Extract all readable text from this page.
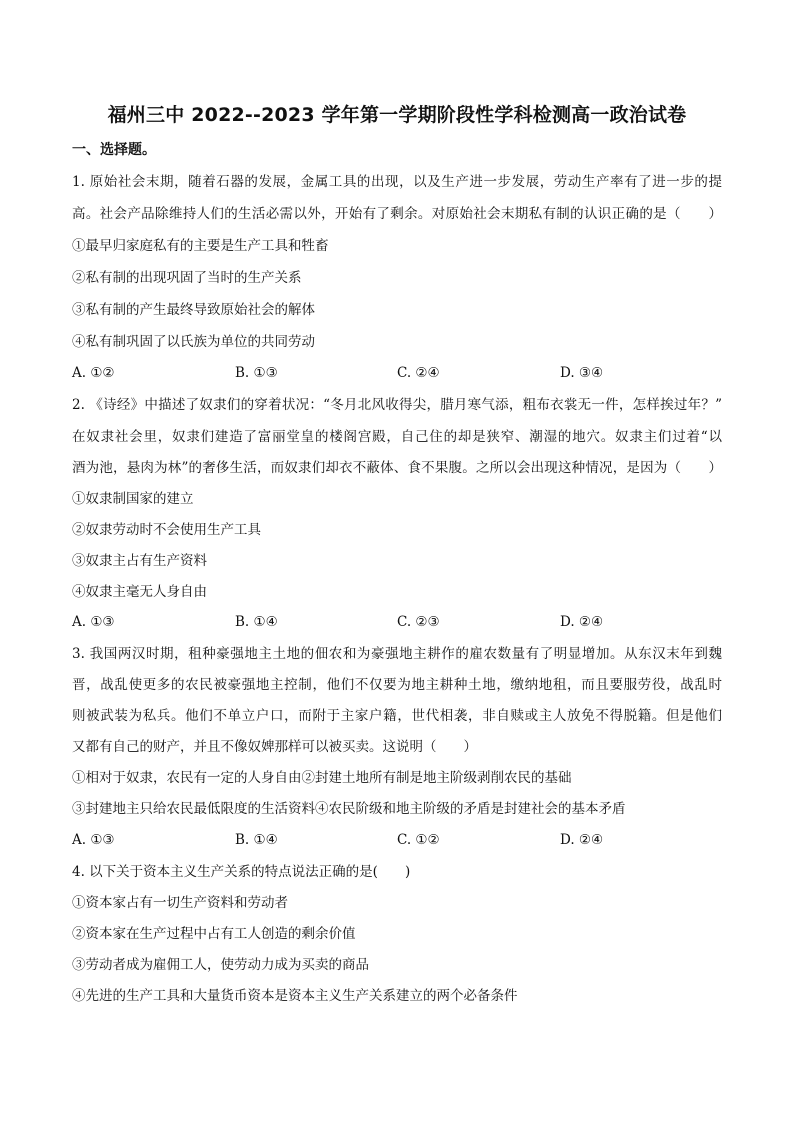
福州三中 2022--2023 学年第一学期阶段性学科检测高一政治试卷
一、选择题。
1. 原始社会末期，随着石器的发展，金属工具的出现，以及生产进一步发展，劳动生产率有了进一步的提
高。社会产品除维持人们的生活必需以外，开始有了剩余。对原始社会末期私有制的认识正确的是（　　）
①最早归家庭私有的主要是生产工具和牲畜
②私有制的出现巩固了当时的生产关系
③私有制的产生最终导致原始社会的解体
④私有制巩固了以氏族为单位的共同劳动
A. ①②	B. ①③	C. ②④	D. ③④
2. 《诗经》中描述了奴隶们的穿着状况：“冬月北风收得尖，腊月寒气添，粗布衣裳无一件，怎样挨过年？”
在奴隶社会里，奴隶们建造了富丽堂皇的楼阁宫殿，自己住的却是狭窄、潮湿的地穴。奴隶主们过着“以
酒为池，悬肉为林”的奢侈生活，而奴隶们却衣不蔽体、食不果腹。之所以会出现这种情况，是因为（　　）
①奴隶制国家的建立
②奴隶劳动时不会使用生产工具
③奴隶主占有生产资料
④奴隶主毫无人身自由
A. ①③	B. ①④	C. ②③	D. ②④
3. 我国两汉时期，租种豪强地主土地的佃农和为豪强地主耕作的雇农数量有了明显增加。从东汉末年到魏
晋，战乱使更多的农民被豪强地主控制，他们不仅要为地主耕种土地，缴纳地租，而且要服劳役，战乱时
则被武装为私兵。他们不单立户口，而附于主家户籍，世代相袭，非自赎或主人放免不得脱籍。但是他们
又都有自己的财产，并且不像奴婢那样可以被买卖。这说明（　　）
①相对于奴隶，农民有一定的人身自由②封建土地所有制是地主阶级剥削农民的基础
③封建地主只给农民最低限度的生活资料④农民阶级和地主阶级的矛盾是封建社会的基本矛盾
A. ①③	B. ①④	C. ①②	D. ②④
4. 以下关于资本主义生产关系的特点说法正确的是(　　)
①资本家占有一切生产资料和劳动者
②资本家在生产过程中占有工人创造的剩余价值
③劳动者成为雇佣工人，使劳动力成为买卖的商品
④先进的生产工具和大量货币资本是资本主义生产关系建立的两个必备条件
